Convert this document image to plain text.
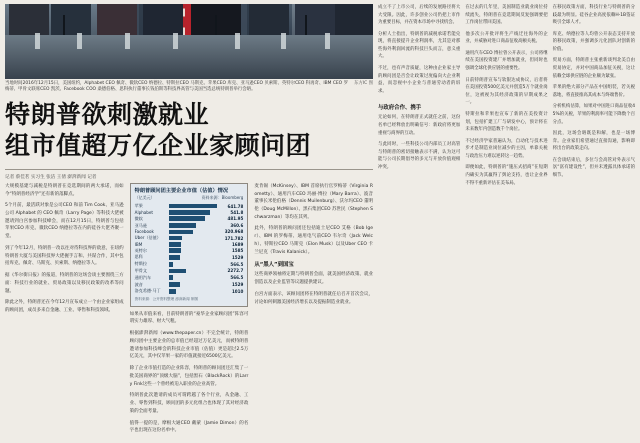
当地时间2016年12月15日，美国纽约，Alphabet CEO 佩奇、微软CEO 纳德拉、特斯拉CEO 马斯克、苹果CEO 库克、亚马逊CEO 贝索斯、英特尔CEO 科再奇、IBM CEO 罗梅蒂、甲骨文联席CEO 凯茨、Facebook COO 桑德伯格、思科执行董事长钱伯斯等科技界高管与美国当选总统特朗普举行会晤。
东方IC 图
特朗普欲刺激就业
组市值超万亿企业家顾问团
记者 蔡佳茗 实习生 张洁 王倩 澎湃新闻 记者

大规模基建与减税是特朗普在竞选期间的两大承诺，而如今“特朗普经济学”还有新的落脚点。

5个月前，最活跃对象是公司CEO 和前 Tim Cook、亚马逊公司 Alphabet 的 CEO 佩奇（Larry Page）等科技大佬被邀请到白宫参加科技峰会，而在12月15日，特朗普与包括苹果CEO 库克、微软CEO 纳德拉等在内的硅谷大佬齐聚一堂。

到了今年12月，特朗普一改以往对待科技界的敌意，在纽约特朗普大厦与美国科技界大佬握手言和、共谋合作，其中包括库克、佩奇、马斯克、贝索斯、纳德拉等人。

据《华尔街日报》的报道，特朗普的这场会谈主要围绕三方面：科技行业的就业、贸易政策以及移民政策的改革等问题。

除此之外，特朗普还在今年12月宣布成立一个由企业家组成的顾问团，成员多来自金融、工业、零售和科技领域。

特朗普顾问团主要企业市值（估值）情况
（亿美元）	资料来源：Bloomberg
苹果		641.78
Alphabet		541.8
微软		481.95
亚马逊		360.6
Facebook		320.968
Uber（估值）		171.782
IBM		1689
英特尔		1585
思科		1529
特斯拉		566.5
甲骨文		2272.7
通用汽车		566.5
波音		1529
洛克希德·马丁		1010
资料来源：公开资料整理 澎湃新闻 制图

如果从市值来看，目前特朗普的“豪华企业家顾问团”阵容可谓实力雄厚、财大气粗。

根据澎湃新闻（www.thepaper.cn）不完全统计，特朗普顾问团中主要企业的总市值已经超过万亿美元，而被特朗普邀请参加科技峰会的科技企业市值（估值）更是超过2.5万亿美元，其中仅苹果一家的市值就接近6500亿美元。

除了企业市值打造的企业阵容，特朗普的顾问团还汇集了一批美国商界的“顶级大脑”，包括黑石（BlackRock）的Larry Fink这些一个曾经被迫入职业的企业高管。

特朗普此次邀请的成员可谓跨越了各个行业，从金融、工业、零售到科技，顾问团的多元化组合也体现了其对经济政策的全面考量。

值得一提的是，摩根大通CEO 戴蒙（Jamie Dimon）的名字也出现在这份名单中。

麦肯锡（McKinsey）、IBM 首席执行官罗梅蒂（Virginia Rometty）、通用汽车CEO 玛丽·博拉（Mary Barra）、波音董事长米伦伯格（Dennis Muilenburg）、沃尔玛CEO 董明伦（Doug McMillon）、黑石集团CEO 苏世民（Stephen Schwarzman）等均在其列。

此外，特朗普的顾问团还包括迪士尼CEO 艾格（Bob Iger）、IBM 的罗梅蒂、通用电气前CEO 韦尔奇（Jack Welch）、特斯拉CEO 马斯克（Elon Musk）以及Uber CEO 卡兰尼克（Travis Kalanick）。

从“黑人”到国宝

这些商界领袖将定期与特朗普会面，就美国经济政策、就业创造以及企业监管等议题提供建议。

白宫方面表示，该顾问团将在特朗普就任后召开首次会议，讨论如何刺激美国经济增长以及提振制造业就业。

成立不了上市公司，后续的发展路径将大大受限。因此，许多创业公司仍把上市作为重要目标，并在资本市场中寻找机会。

分析人士指出，特朗普的减税承诺若能兑现，将直接提升企业利润率，尤其是对那些海外利润回流的科技巨头而言，意义重大。

不过，也有声音质疑，这种由企业家主导的顾问团是否会让政策过度偏向大企业利益，而忽视中小企业与普通劳动者的诉求。

与政府合作、携手

无论如何，在特朗普正式就任之前，这份名单已经释放出明确信号：新政府将更加重视与商界的互动。

与此同时，一些科技公司内部员工对高管与特朗普的密切接触表示不满，认为这可能与公司长期倡导的多元与开放价值观相冲突。

在过去的几年里，美国制造业就业岗位持续流失，特朗普在竞选期间反复强调要把工作岗位带回美国。

他多次公开批评将生产线迁往海外的企业，并威胁对进口商品征收高额关税。

通用汽车CEO 博拉曾公开表示，公司将继续在美国投资建厂并增加就业，但同时也强调全球化供应链的重要性。

日前特朗普宣布与软银达成协议，后者将在美国投资500亿美元并创造5万个就业岗位，这被视为其经济政策的早期成果之一。

特斯拉和苹果也宣布了新的在美投资计划，包括扩建工厂与研发中心，预计将在未来数年内创造数千个岗位。

不过经济学家普遍认为，自动化与技术进步才是制造业岗位减少的主因，单靠关税与政治压力难以逆转这一趋势。

即便如此，特朗普的“施压式招商”在短期内确实为其赢得了舆论支持，也让企业界不得不重新评估在美布局。

在移民政策方面，科技行业与特朗普的分歧最为明显。硅谷企业高度依赖H-1B签证吸引全球人才。

库克、纳德拉等人均曾公开表态支持开放的移民政策，并强调多元化团队对创新的价值。

贸易方面，特朗普主张重新谈判北美自由贸易协定，并对中国商品加征关税，这让依赖全球供应链的企业颇为紧张。

苹果的绝大部分产品在中国组装，若关税落地，将直接推高其成本与终端售价。

分析机构估算，如果对中国进口商品征收45%的关税，苹果的利润率可能下降数个百分点。

因此，这场会晤既是和解，也是一场博弈。企业家们希望通过直接沟通，影响即将出台的政策走向。

在会谈结束后，多位与会高管对外表示气氛“富有建设性”，但并未透露具体承诺的细节。
